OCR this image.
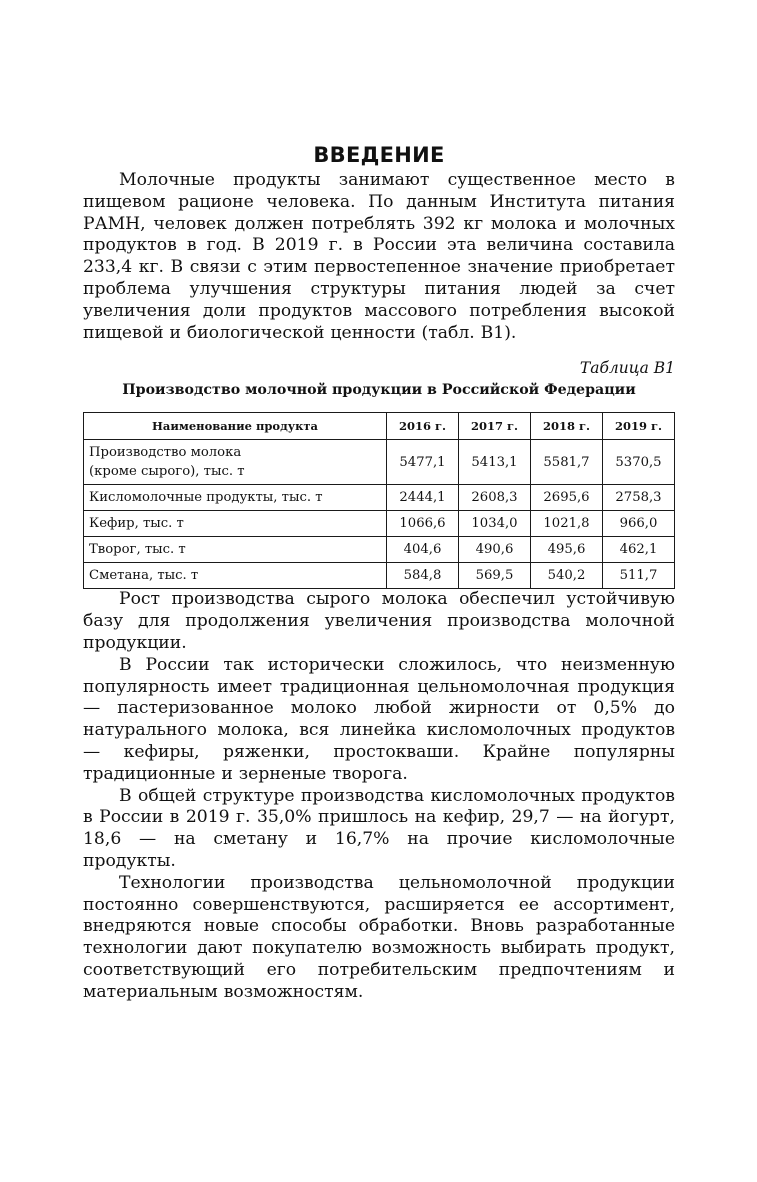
ВВЕДЕНИЕ

Молочные продукты занимают существенное место в пищевом рационе человека. По данным Института питания РАМН, человек должен потреблять 392 кг молока и молочных продуктов в год. В 2019 г. в России эта величина составила 233,4 кг. В связи с этим первостепенное значение приобретает проблема улучшения структуры питания людей за счет увеличения доли продуктов массового потребления высокой пищевой и биологической ценности (табл. В1).

Таблица В1
Производство молочной продукции в Российской Федерации
Наименование продукта	2016 г.	2017 г.	2018 г.	2019 г.

Производство молока
(кроме сырого), тыс. т	5477,1	5413,1	5581,7	5370,5
Кисломолочные продукты, тыс. т	2444,1	2608,3	2695,6	2758,3
Кефир, тыс. т	1066,6	1034,0	1021,8	966,0
Творог, тыс. т	404,6	490,6	495,6	462,1
Сметана, тыс. т	584,8	569,5	540,2	511,7

Рост производства сырого молока обеспечил устойчивую базу для продолжения увеличения производства молочной продукции.

В России так исторически сложилось, что неизменную популярность имеет традиционная цельномолочная продукция — пастеризованное молоко любой жирности от 0,5% до натурального молока, вся линейка кисломолочных продуктов — кефиры, ряженки, простокваши. Крайне популярны традиционные и зерненые творога.

В общей структуре производства кисломолочных продуктов в России в 2019 г. 35,0% пришлось на кефир, 29,7 — на йогурт, 18,6 — на сметану и 16,7% на прочие кисломолочные продукты.

Технологии производства цельномолочной продукции постоянно совершенствуются, расширяется ее ассортимент, внедряются новые способы обработки. Вновь разработанные технологии дают покупателю возможность выбирать продукт, соответствующий его потребительским предпочтениям и материальным возможностям.
